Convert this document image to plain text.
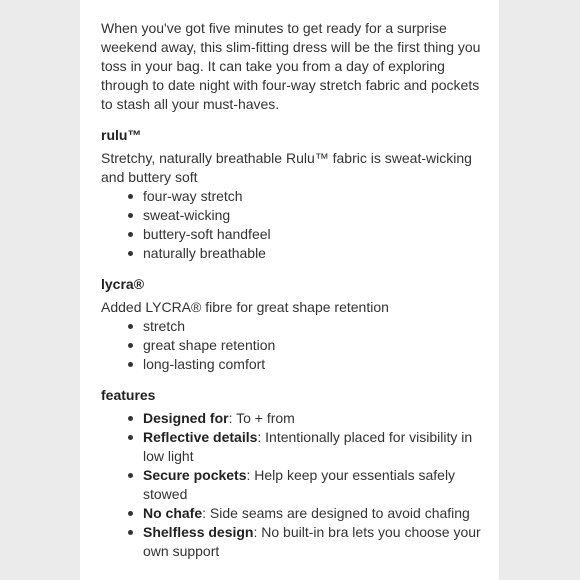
When you've got five minutes to get ready for a surprise weekend away, this slim-fitting dress will be the first thing you toss in your bag. It can take you from a day of exploring through to date night with four-way stretch fabric and pockets to stash all your must-haves.

rulu™

Stretchy, naturally breathable Rulu™ fabric is sweat-wicking and buttery soft

four-way stretch
sweat-wicking
buttery-soft handfeel
naturally breathable
lycra®

Added LYCRA® fibre for great shape retention

stretch
great shape retention
long-lasting comfort
features
Designed for: To + from
Reflective details: Intentionally placed for visibility in low light
Secure pockets: Help keep your essentials safely stowed
No chafe: Side seams are designed to avoid chafing
Shelfless design: No built-in bra lets you choose your own support
